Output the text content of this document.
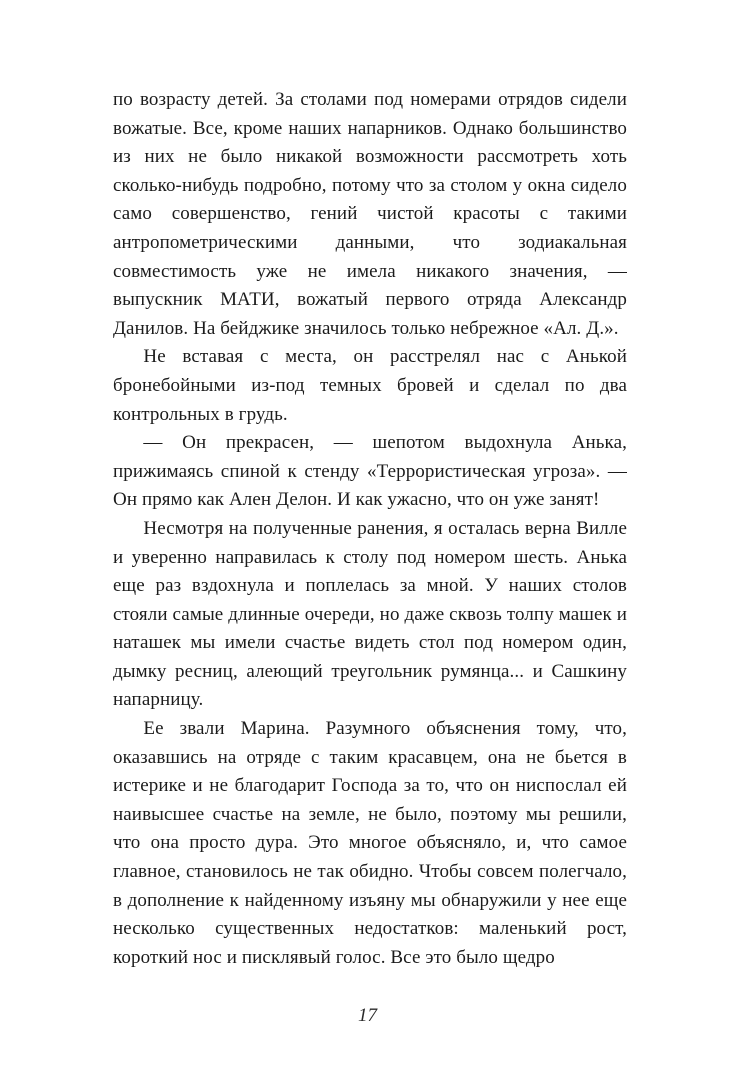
по возрасту детей. За столами под номерами отрядов сидели вожатые. Все, кроме наших напарников. Однако большинство из них не было никакой возможности рассмотреть хоть сколько-нибудь подробно, потому что за столом у окна сидело само совершенство, гений чистой красоты с такими антропометрическими данными, что зодиакальная совместимость уже не имела никакого значения, — выпускник МАТИ, вожатый первого отряда Александр Данилов. На бейджике значилось только небрежное «Ал. Д.».

Не вставая с места, он расстрелял нас с Анькой бронебойными из-под темных бровей и сделал по два контрольных в грудь.

— Он прекрасен, — шепотом выдохнула Анька, прижимаясь спиной к стенду «Террористическая угроза». — Он прямо как Ален Делон. И как ужасно, что он уже занят!

Несмотря на полученные ранения, я осталась верна Вилле и уверенно направилась к столу под номером шесть. Анька еще раз вздохнула и поплелась за мной. У наших столов стояли самые длинные очереди, но даже сквозь толпу машек и наташек мы имели счастье видеть стол под номером один, дымку ресниц, алеющий треугольник румянца... и Сашкину напарницу.

Ее звали Марина. Разумного объяснения тому, что, оказавшись на отряде с таким красавцем, она не бьется в истерике и не благодарит Господа за то, что он ниспослал ей наивысшее счастье на земле, не было, поэтому мы решили, что она просто дура. Это многое объясняло, и, что самое главное, становилось не так обидно. Чтобы совсем полегчало, в дополнение к найденному изъяну мы обнаружили у нее еще несколько существенных недостатков: маленький рост, короткий нос и писклявый голос. Все это было щедро

17
